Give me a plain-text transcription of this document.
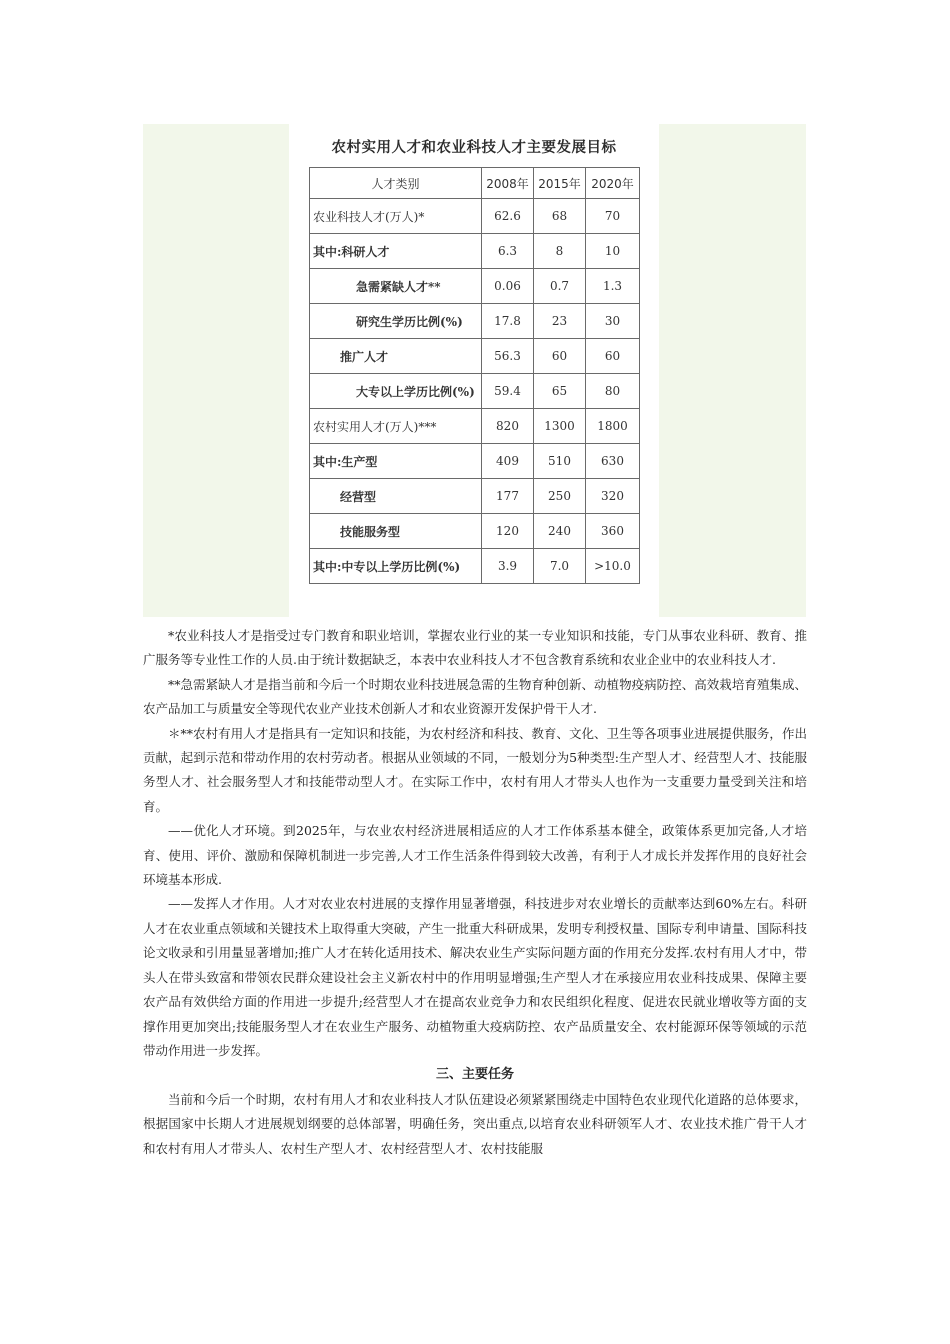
农村实用人才和农业科技人才主要发展目标
人才类别	2008年	2015年	2020年
农业科技人才(万人)*	62.6	68	70
其中:科研人才	6.3	8	10
急需紧缺人才**	0.06	0.7	1.3
研究生学历比例(%)	17.8	23	30
推广人才	56.3	60	60
大专以上学历比例(%)	59.4	65	80
农村实用人才(万人)***	820	1300	1800
其中:生产型	409	510	630
经营型	177	250	320
技能服务型	120	240	360
其中:中专以上学历比例(%)	3.9	7.0	>10.0

*农业科技人才是指受过专门教育和职业培训，掌握农业行业的某一专业知识和技能，专门从事农业科研、教育、推广服务等专业性工作的人员.由于统计数据缺乏，本表中农业科技人才不包含教育系统和农业企业中的农业科技人才.

**急需紧缺人才是指当前和今后一个时期农业科技进展急需的生物育种创新、动植物疫病防控、高效栽培育殖集成、农产品加工与质量安全等现代农业产业技术创新人才和农业资源开发保护骨干人才.

＊**农村有用人才是指具有一定知识和技能，为农村经济和科技、教育、文化、卫生等各项事业进展提供服务，作出贡献，起到示范和带动作用的农村劳动者。根据从业领域的不同，一般划分为5种类型:生产型人才、经营型人才、技能服务型人才、社会服务型人才和技能带动型人才。在实际工作中，农村有用人才带头人也作为一支重要力量受到关注和培育。

——优化人才环境。到2025年，与农业农村经济进展相适应的人才工作体系基本健全，政策体系更加完备,人才培育、使用、评价、激励和保障机制进一步完善,人才工作生活条件得到较大改善，有利于人才成长并发挥作用的良好社会环境基本形成.

——发挥人才作用。人才对农业农村进展的支撑作用显著增强，科技进步对农业增长的贡献率达到60%左右。科研人才在农业重点领域和关键技术上取得重大突破，产生一批重大科研成果，发明专利授权量、国际专利申请量、国际科技论文收录和引用量显著增加;推广人才在转化适用技术、解决农业生产实际问题方面的作用充分发挥.农村有用人才中，带头人在带头致富和带领农民群众建设社会主义新农村中的作用明显增强;生产型人才在承接应用农业科技成果、保障主要农产品有效供给方面的作用进一步提升;经营型人才在提高农业竞争力和农民组织化程度、促进农民就业增收等方面的支撑作用更加突出;技能服务型人才在农业生产服务、动植物重大疫病防控、农产品质量安全、农村能源环保等领域的示范带动作用进一步发挥。

三、主要任务

当前和今后一个时期，农村有用人才和农业科技人才队伍建设必须紧紧围绕走中国特色农业现代化道路的总体要求，根据国家中长期人才进展规划纲要的总体部署，明确任务，突出重点,以培育农业科研领军人才、农业技术推广骨干人才和农村有用人才带头人、农村生产型人才、农村经营型人才、农村技能服
